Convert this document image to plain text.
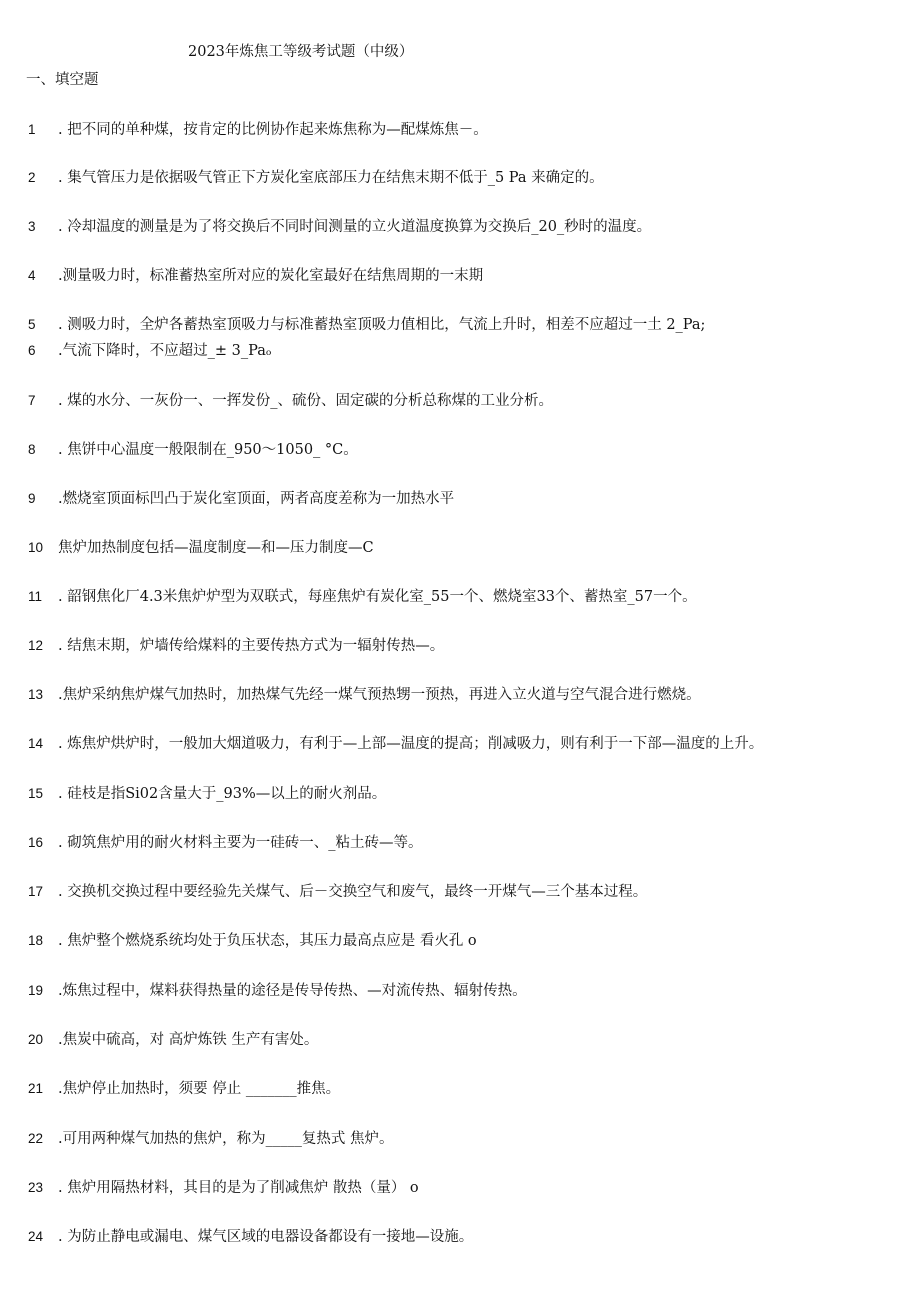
2023年炼焦工等级考试题（中级）
一、填空题
1 . 把不同的单种煤，按肯定的比例协作起来炼焦称为—配煤炼焦－。
2 . 集气管压力是依据吸气管正下方炭化室底部压力在结焦末期不低于_5 Pa 来确定的。
3 . 冷却温度的测量是为了将交换后不同时间测量的立火道温度换算为交换后_20_秒时的温度。
4 .测量吸力时，标准蓄热室所对应的炭化室最好在结焦周期的一末期
5 . 测吸力时，全炉各蓄热室顶吸力与标准蓄热室顶吸力值相比，气流上升时，相差不应超过一土 2_Pa;
6 .气流下降时，不应超过_± 3_Paₒ
7 . 煤的水分、一灰份一、一挥发份_、硫份、固定碳的分析总称煤的工业分析。
8 . 焦饼中心温度一般限制在_950～1050_ °C。
9 .燃烧室顶面标凹凸于炭化室顶面，两者高度差称为一加热水平
10 焦炉加热制度包括—温度制度—和—压力制度—C
11 . 韶钢焦化厂4.3米焦炉炉型为双联式，每座焦炉有炭化室_55一个、燃烧室33个、蓄热室_57一个。
12 . 结焦末期，炉墙传给煤料的主要传热方式为一辐射传热—。
13 .焦炉采纳焦炉煤气加热时，加热煤气先经一煤气预热甥一预热，再进入立火道与空气混合进行燃烧。
14 . 炼焦炉烘炉时，一般加大烟道吸力，有利于—上部—温度的提高；削减吸力，则有利于一下部—温度的上升。
15 . 硅枝是指Si02含量大于_93%—以上的耐火剂品。
16 . 砌筑焦炉用的耐火材料主要为一硅砖一、_粘土砖—等。
17 . 交换机交换过程中要经验先关煤气、后－交换空气和废气，最终一开煤气—三个基本过程。
18 . 焦炉整个燃烧系统均处于负压状态，其压力最高点应是 看火孔 o
19 .炼焦过程中，煤料获得热量的途径是传导传热、—对流传热、辐射传热。
20 .焦炭中硫高，对 高炉炼铁 生产有害处。
21 .焦炉停止加热时，须要 停止 _______推焦。
22 .可用两种煤气加热的焦炉，称为_____复热式 焦炉。
23 . 焦炉用隔热材料，其目的是为了削减焦炉 散热（量） o
24 . 为防止静电或漏电、煤气区域的电器设备都设有一接地—设施。
